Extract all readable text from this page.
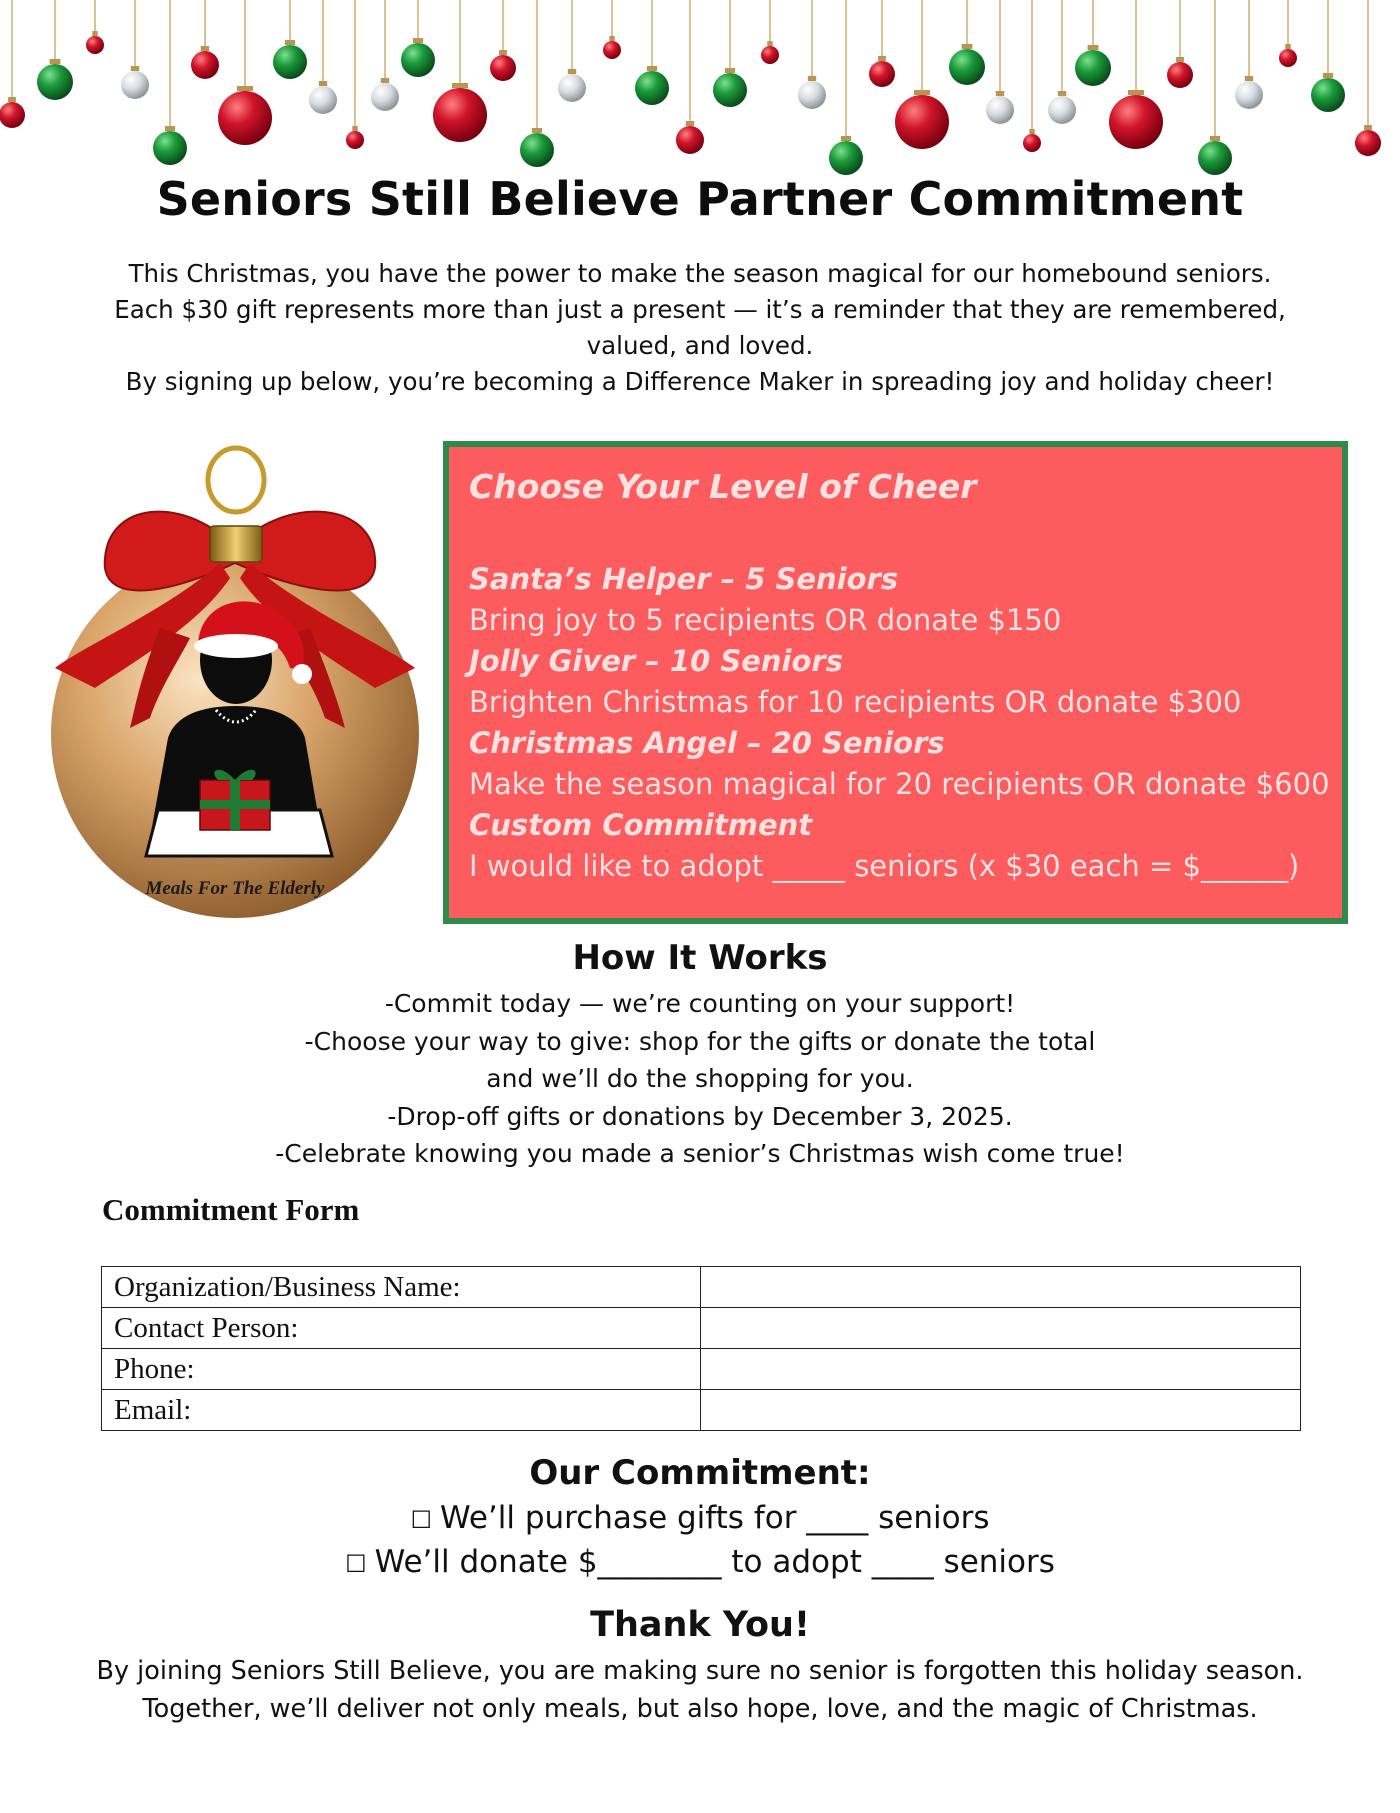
Seniors Still Believe Partner Commitment
This Christmas, you have the power to make the season magical for our homebound seniors.
Each $30 gift represents more than just a present — it’s a reminder that they are remembered, valued, and loved.
By signing up below, you’re becoming a Difference Maker in spreading joy and holiday cheer!
Meals For The Elderly
Choose Your Level of Cheer
Santa’s Helper – 5 Seniors
Bring joy to 5 recipients OR donate $150
Jolly Giver – 10 Seniors
Brighten Christmas for 10 recipients OR donate $300
Christmas Angel – 20 Seniors
Make the season magical for 20 recipients OR donate $600
Custom Commitment
I would like to adopt _____ seniors (x $30 each = $______)
How It Works
-Commit today — we’re counting on your support!
-Choose your way to give: shop for the gifts or donate the total
and we’ll do the shopping for you.
-Drop-off gifts or donations by December 3, 2025.
-Celebrate knowing you made a senior’s Christmas wish come true!
Commitment Form
Organization/Business Name:	
Contact Person:	
Phone:	
Email:	
Our Commitment:
☐ We’ll purchase gifts for ____ seniors
☐ We’ll donate $________ to adopt ____ seniors
Thank You!
By joining Seniors Still Believe, you are making sure no senior is forgotten this holiday season.
Together, we’ll deliver not only meals, but also hope, love, and the magic of Christmas.
